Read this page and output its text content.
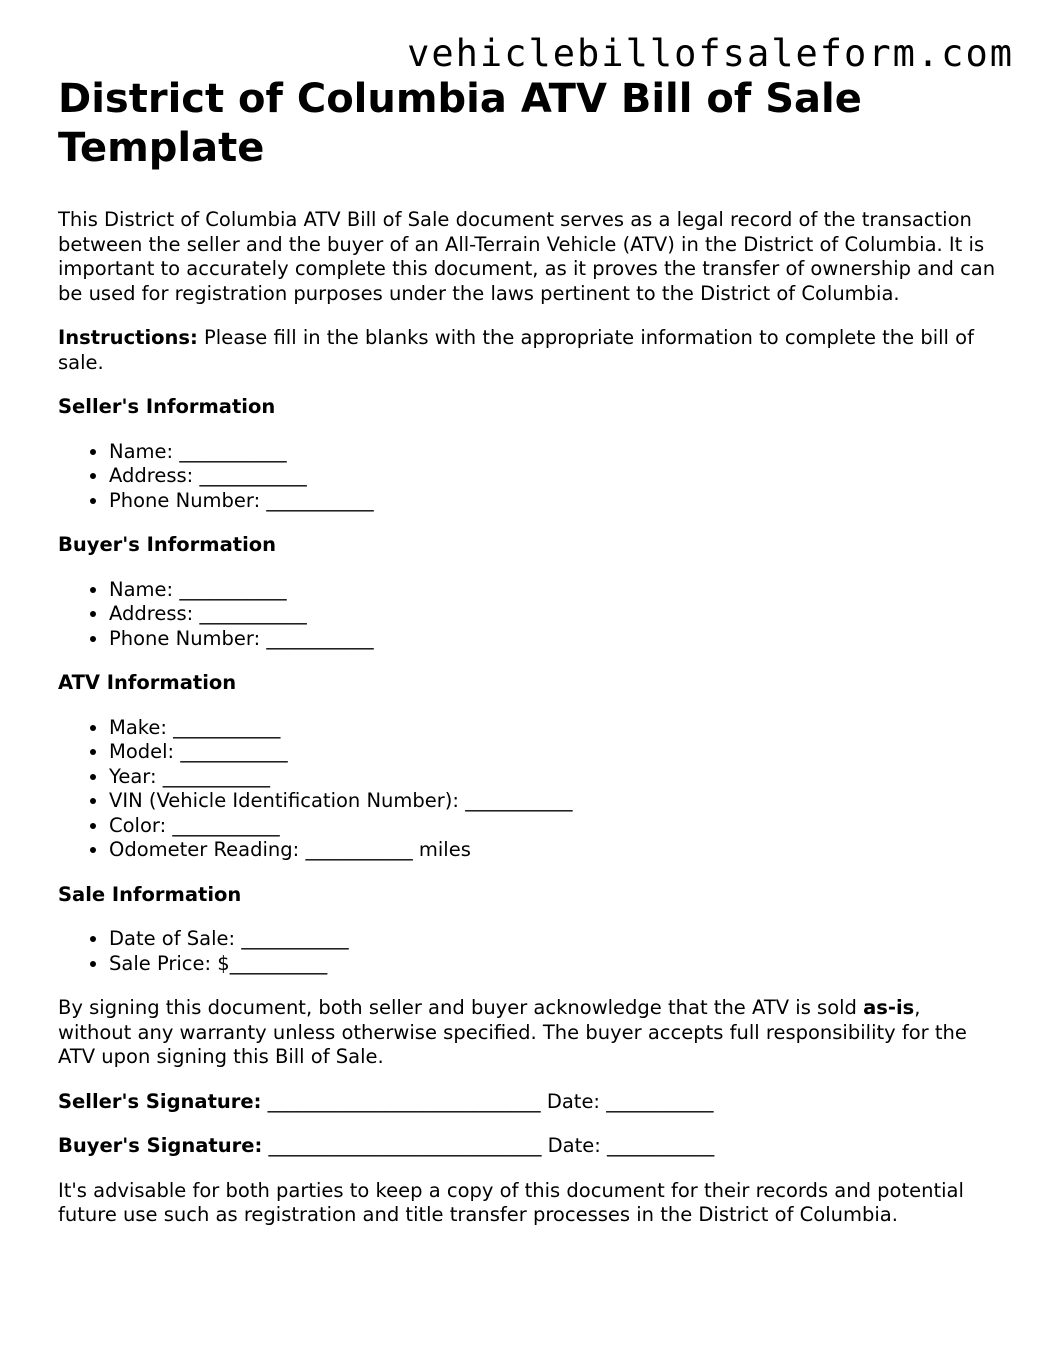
vehiclebillofsaleform.com
District of Columbia ATV Bill of Sale Template

This District of Columbia ATV Bill of Sale document serves as a legal record of the transaction between the seller and the buyer of an All-Terrain Vehicle (ATV) in the District of Columbia. It is important to accurately complete this document, as it proves the transfer of ownership and can be used for registration purposes under the laws pertinent to the District of Columbia.

Instructions: Please fill in the blanks with the appropriate information to complete the bill of sale.

Seller's Information
• Name: ___________
• Address: ___________
• Phone Number: ___________
Buyer's Information
• Name: ___________
• Address: ___________
• Phone Number: ___________
ATV Information
• Make: ___________
• Model: ___________
• Year: ___________
• VIN (Vehicle Identification Number): ___________
• Color: ___________
• Odometer Reading: ___________ miles
Sale Information
• Date of Sale: ___________
• Sale Price: $__________

By signing this document, both seller and buyer acknowledge that the ATV is sold as-is, without any warranty unless otherwise specified. The buyer accepts full responsibility for the ATV upon signing this Bill of Sale.

Seller's Signature: ____________________________ Date: ___________
Buyer's Signature: ____________________________ Date: ___________

It's advisable for both parties to keep a copy of this document for their records and potential future use such as registration and title transfer processes in the District of Columbia.
